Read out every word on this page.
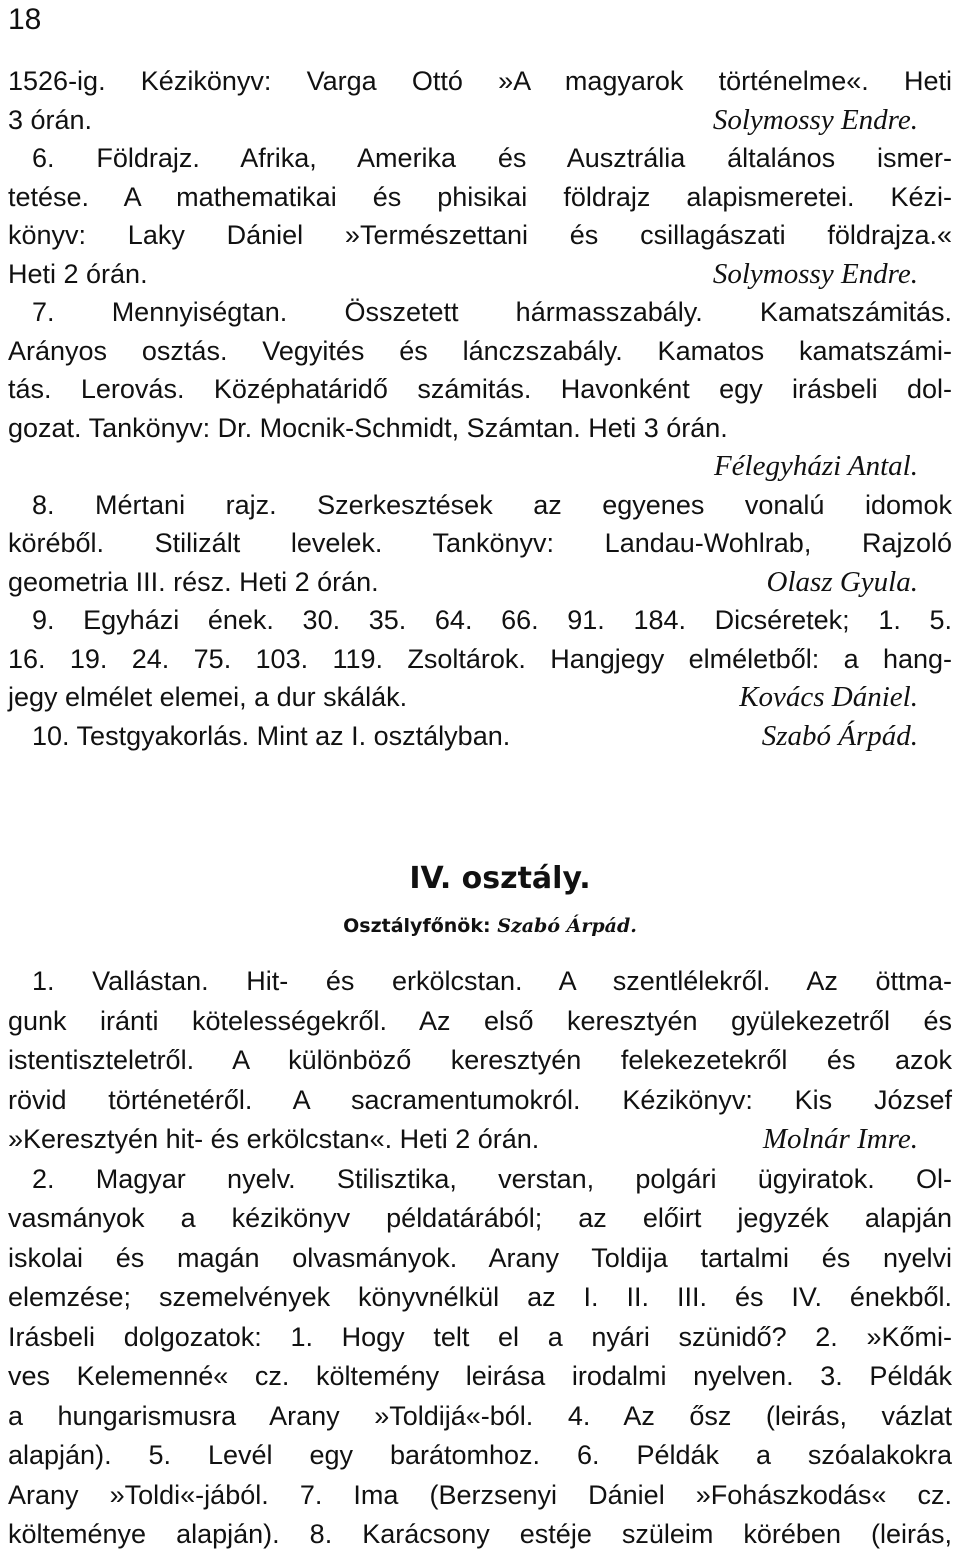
18
1526-ig. Kézikönyv: Varga Ottó »A magyarok történelme«. Heti
3 órán.	Solymossy Endre.
6. Földrajz. Afrika, Amerika és Ausztrália általános ismer-
tetése. A mathematikai és phisikai földrajz alapismeretei. Kézi-
könyv: Laky Dániel »Természettani és csillagászati földrajza.«
Heti 2 órán.	Solymossy Endre.
7. Mennyiségtan. Összetett hármasszabály. Kamatszámitás.
Arányos osztás. Vegyités és lánczszabály. Kamatos kamatszámi-
tás. Lerovás. Középhatáridő számitás. Havonként egy irásbeli dol-
gozat. Tankönyv: Dr. Mocnik-Schmidt, Számtan. Heti 3 órán.
Félegyházi Antal.
8. Mértani rajz. Szerkesztések az egyenes vonalú idomok
köréből. Stilizált levelek. Tankönyv: Landau-Wohlrab, Rajzoló
geometria III. rész. Heti 2 órán.	Olasz Gyula.
9. Egyházi ének. 30. 35. 64. 66. 91. 184. Dicséretek; 1. 5.
16. 19. 24. 75. 103. 119. Zsoltárok. Hangjegy elméletből: a hang-
jegy elmélet elemei, a dur skálák.	Kovács Dániel.
10. Testgyakorlás. Mint az I. osztályban.	Szabó Árpád.
IV. osztály.
Osztályfőnök: Szabó Árpád.
1. Vallástan. Hit- és erkölcstan. A szentlélekről. Az öttma-
gunk iránti kötelességekről. Az első keresztyén gyülekezetről és
istentiszteletről. A különböző keresztyén felekezetekről és azok
rövid történetéről. A sacramentumokról. Kézikönyv: Kis József
»Keresztyén hit- és erkölcstan«. Heti 2 órán.	Molnár Imre.
2. Magyar nyelv. Stilisztika, verstan, polgári ügyiratok. Ol-
vasmányok a kézikönyv példatárából; az előirt jegyzék alapján
iskolai és magán olvasmányok. Arany Toldija tartalmi és nyelvi
elemzése; szemelvények könyvnélkül az I. II. III. és IV. énekből.
Irásbeli dolgozatok: 1. Hogy telt el a nyári szünidő? 2. »Kőmi-
ves Kelemenné« cz. költemény leirása irodalmi nyelven. 3. Példák
a hungarismusra Arany »Toldijá«-ból. 4. Az ősz (leirás, vázlat
alapján). 5. Levél egy barátomhoz. 6. Példák a szóalakokra
Arany »Toldi«-jából. 7. Ima (Berzsenyi Dániel »Fohászkodás« cz.
költeménye alapján). 8. Karácsony estéje szüleim körében (leirás,
